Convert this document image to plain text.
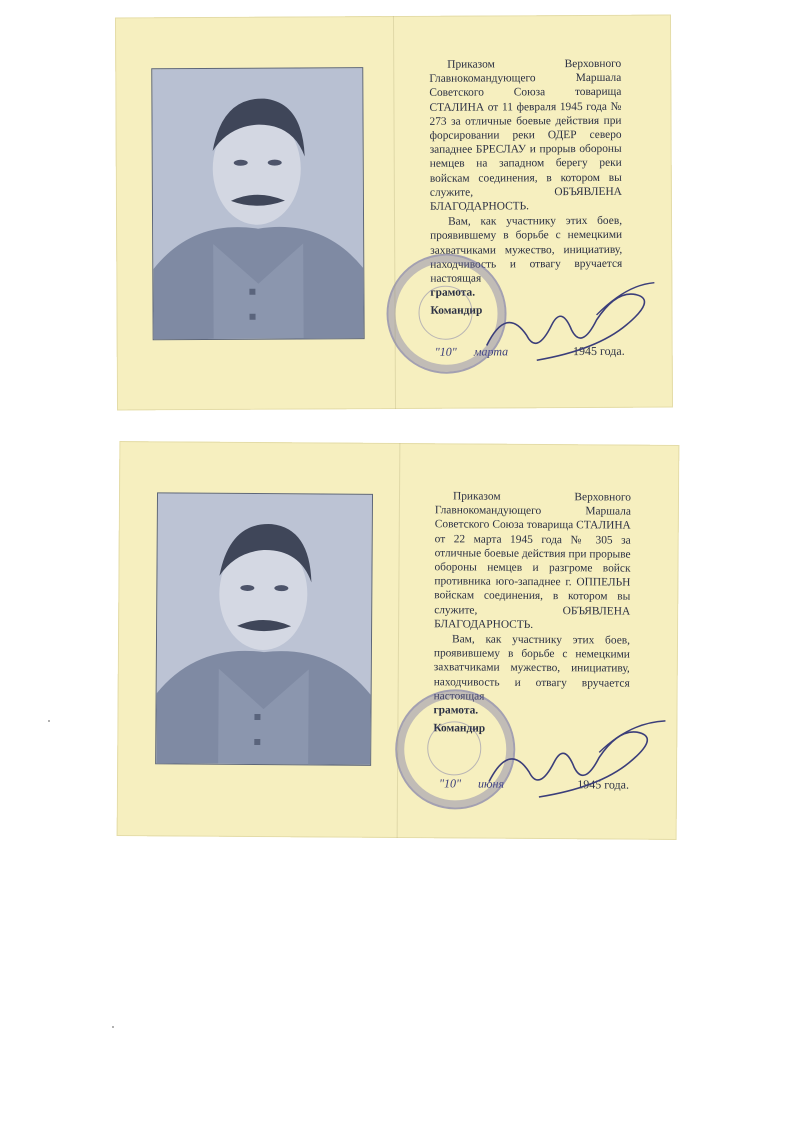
Приказом Верховного Главнокомандующего Маршала Советского Союза товарища СТАЛИНА от 11 февраля 1945 года № 273 за отличные боевые действия при форсировании реки ОДЕР северо западнее БРЕСЛАУ и прорыв обороны немцев на западном берегу реки войскам соединения, в котором вы служите, ОБЪЯВЛЕНА БЛАГОДАРНОСТЬ.

Вам, как участнику этих боев, проявившему в борьбе с немецкими захватчиками мужество, инициативу, находчивость и отвагу вручается настоящая

грамота.
Командир
"10" марта	1945 года.

Приказом Верховного Главнокомандующего Маршала Советского Союза товарища СТАЛИНА от 22 марта 1945 года № 305 за отличные боевые действия при прорыве обороны немцев и разгроме войск противника юго-западнее г. ОППЕЛЬН войскам соединения, в котором вы служите, ОБЪЯВЛЕНА БЛАГОДАРНОСТЬ.

Вам, как участнику этих боев, проявившему в борьбе с немецкими захватчиками мужество, инициативу, находчивость и отвагу вручается настоящая

грамота.
Командир
"10" июня	1945 года.
